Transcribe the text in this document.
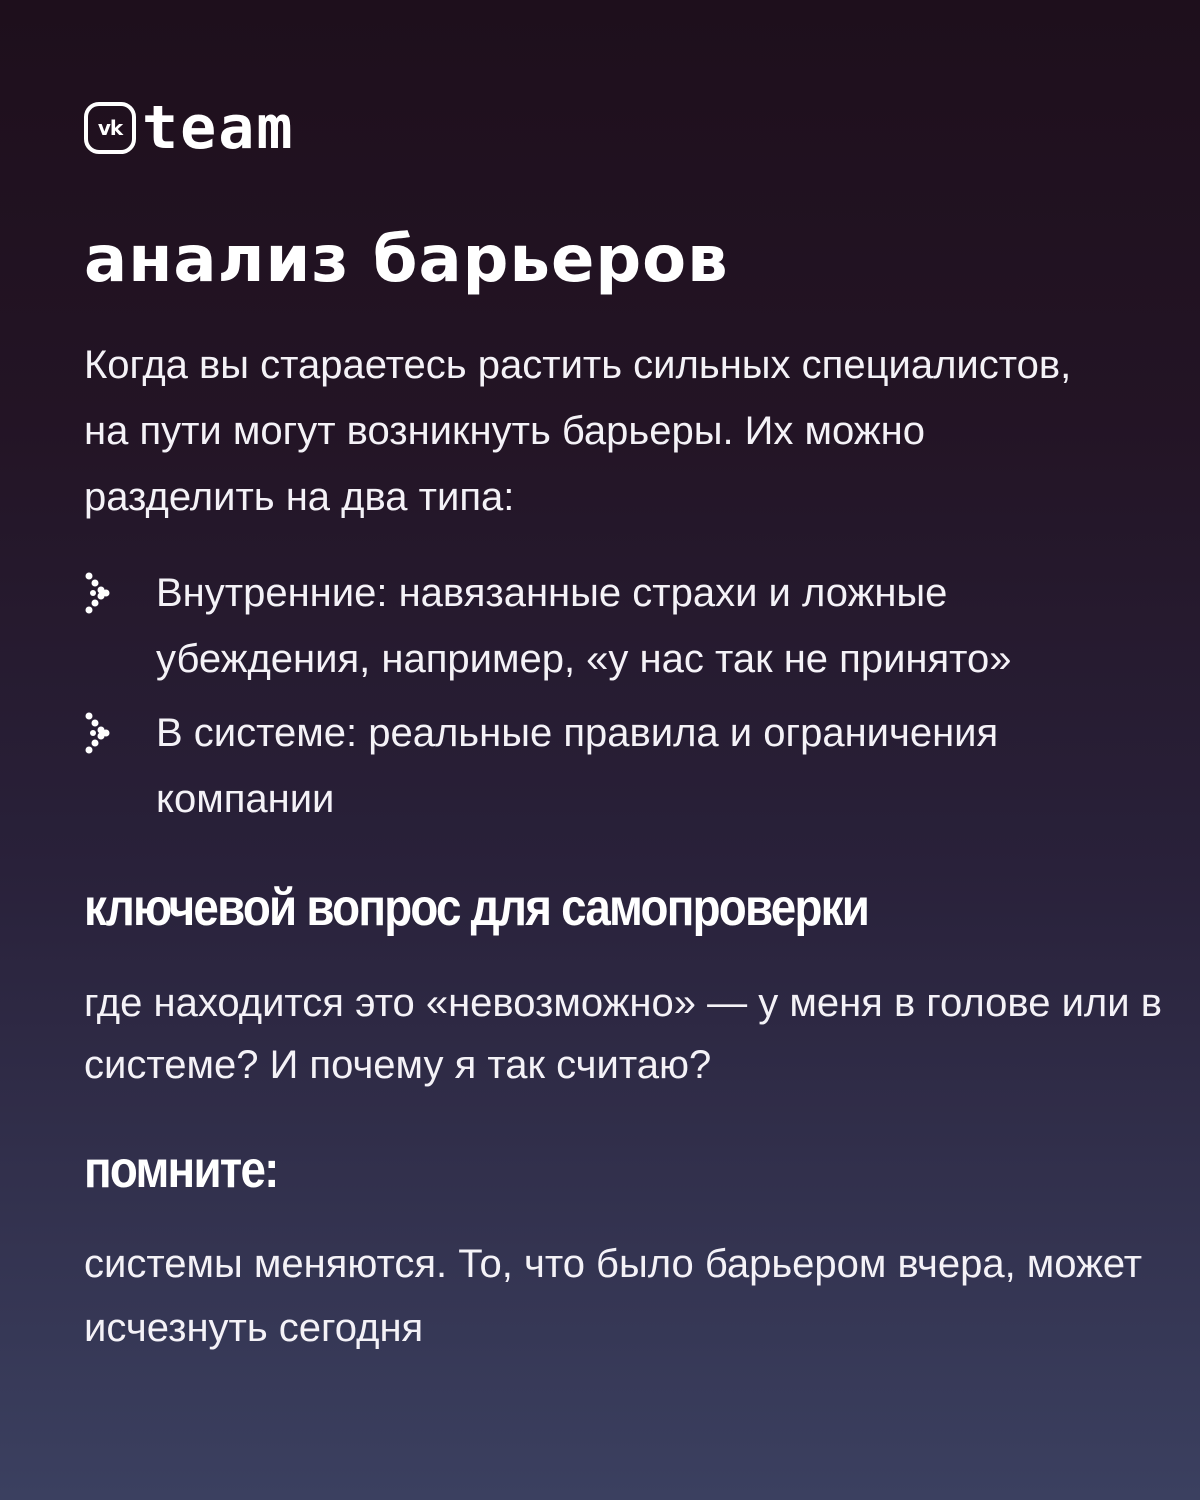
vk team
анализ барьеров

Когда вы стараетесь растить сильных специалистов, на пути могут возникнуть барьеры. Их можно разделить на два типа:

Внутренние: навязанные страхи и ложные убеждения, например, «у нас так не принято»
В системе: реальные правила и ограничения компании
ключевой вопрос для самопроверки

где находится это «невозможно» — у меня в голове или в системе? И почему я так считаю?

помните:

системы меняются. То, что было барьером вчера, может исчезнуть сегодня
